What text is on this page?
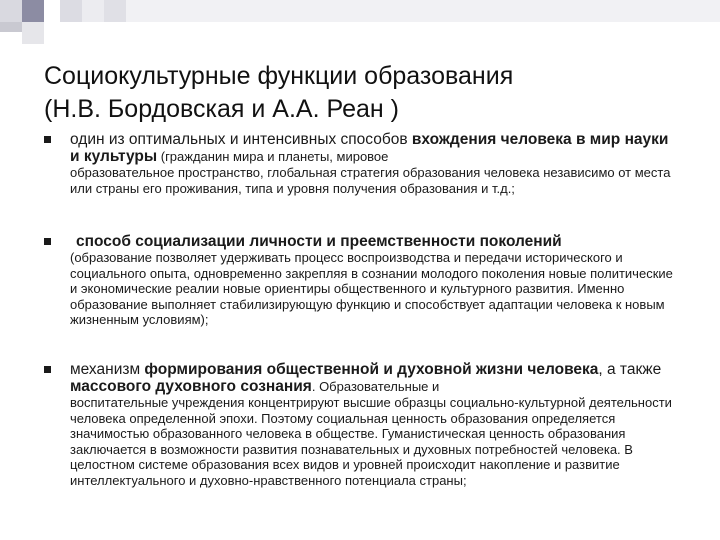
Социокультурные функции образования
(Н.В. Бордовская и А.А. Реан )
один из оптимальных и интенсивных способов вхождения человека в мир науки и культуры (гражданин мира и планеты, мировое
образовательное пространство, глобальная стратегия образования человека независимо от места или страны его проживания, типа и уровня получения образования и т.д.;
способ социализации личности и преемственности поколений
(образование позволяет удерживать процесс воспроизводства и передачи исторического и социального опыта, одновременно закрепляя в сознании молодого поколения новые политические и экономические реалии новые ориентиры общественного и культурного развития. Именно образование выполняет стабилизирующую функцию и способствует адаптации человека к новым жизненным условиям);
механизм формирования общественной и духовной жизни человека, а также массового духовного сознания. Образовательные и
воспитательные учреждения концентрируют высшие образцы социально-культурной деятельности человека определенной эпохи. Поэтому социальная ценность образования определяется значимостью образованного человека в обществе. Гуманистическая ценность образования заключается в возможности развития познавательных и духовных потребностей человека. В целостном системе образования всех видов и уровней происходит накопление и развитие интеллектуального и духовно-нравственного потенциала страны;
